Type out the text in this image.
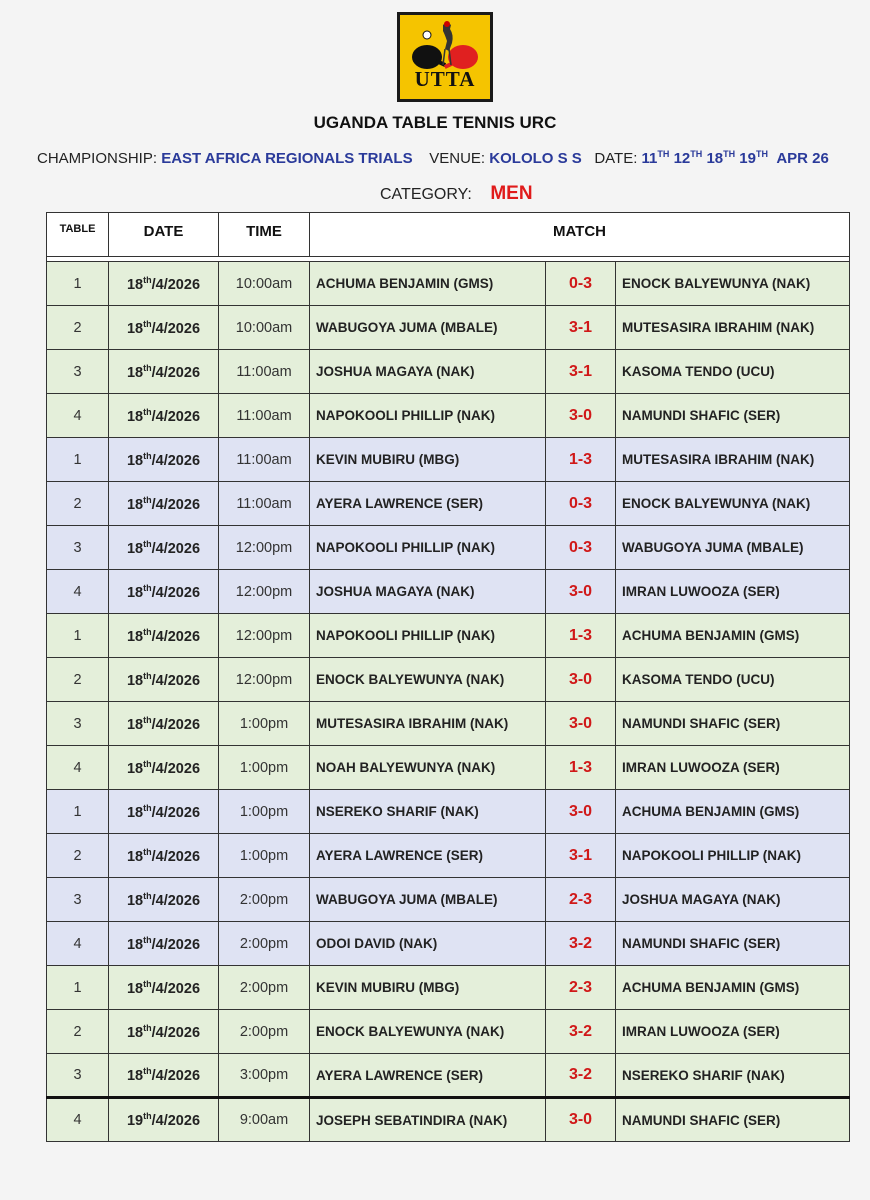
UTTA
UGANDA TABLE TENNIS URC
CHAMPIONSHIP: EAST AFRICA REGIONALS TRIALS VENUE: KOLOLO S S DATE: 11TH 12TH 18TH 19TH APR 26
CATEGORY: MEN
TABLE	DATE	TIME	MATCH		

1	18th/4/2026	10:00am	ACHUMA BENJAMIN (GMS)	0-3	ENOCK BALYEWUNYA (NAK)
2	18th/4/2026	10:00am	WABUGOYA JUMA (MBALE)	3-1	MUTESASIRA IBRAHIM (NAK)
3	18th/4/2026	11:00am	JOSHUA MAGAYA (NAK)	3-1	KASOMA TENDO (UCU)
4	18th/4/2026	11:00am	NAPOKOOLI PHILLIP (NAK)	3-0	NAMUNDI SHAFIC (SER)
1	18th/4/2026	11:00am	KEVIN MUBIRU (MBG)	1-3	MUTESASIRA IBRAHIM (NAK)
2	18th/4/2026	11:00am	AYERA LAWRENCE (SER)	0-3	ENOCK BALYEWUNYA (NAK)
3	18th/4/2026	12:00pm	NAPOKOOLI PHILLIP (NAK)	0-3	WABUGOYA JUMA (MBALE)
4	18th/4/2026	12:00pm	JOSHUA MAGAYA (NAK)	3-0	IMRAN LUWOOZA (SER)
1	18th/4/2026	12:00pm	NAPOKOOLI PHILLIP (NAK)	1-3	ACHUMA BENJAMIN (GMS)
2	18th/4/2026	12:00pm	ENOCK BALYEWUNYA (NAK)	3-0	KASOMA TENDO (UCU)
3	18th/4/2026	1:00pm	MUTESASIRA IBRAHIM (NAK)	3-0	NAMUNDI SHAFIC (SER)
4	18th/4/2026	1:00pm	NOAH BALYEWUNYA (NAK)	1-3	IMRAN LUWOOZA (SER)
1	18th/4/2026	1:00pm	NSEREKO SHARIF (NAK)	3-0	ACHUMA BENJAMIN (GMS)
2	18th/4/2026	1:00pm	AYERA LAWRENCE (SER)	3-1	NAPOKOOLI PHILLIP (NAK)
3	18th/4/2026	2:00pm	WABUGOYA JUMA (MBALE)	2-3	JOSHUA MAGAYA (NAK)
4	18th/4/2026	2:00pm	ODOI DAVID (NAK)	3-2	NAMUNDI SHAFIC (SER)
1	18th/4/2026	2:00pm	KEVIN MUBIRU (MBG)	2-3	ACHUMA BENJAMIN (GMS)
2	18th/4/2026	2:00pm	ENOCK BALYEWUNYA (NAK)	3-2	IMRAN LUWOOZA (SER)
3	18th/4/2026	3:00pm	AYERA LAWRENCE (SER)	3-2	NSEREKO SHARIF (NAK)
4	19th/4/2026	9:00am	JOSEPH SEBATINDIRA (NAK)	3-0	NAMUNDI SHAFIC (SER)
